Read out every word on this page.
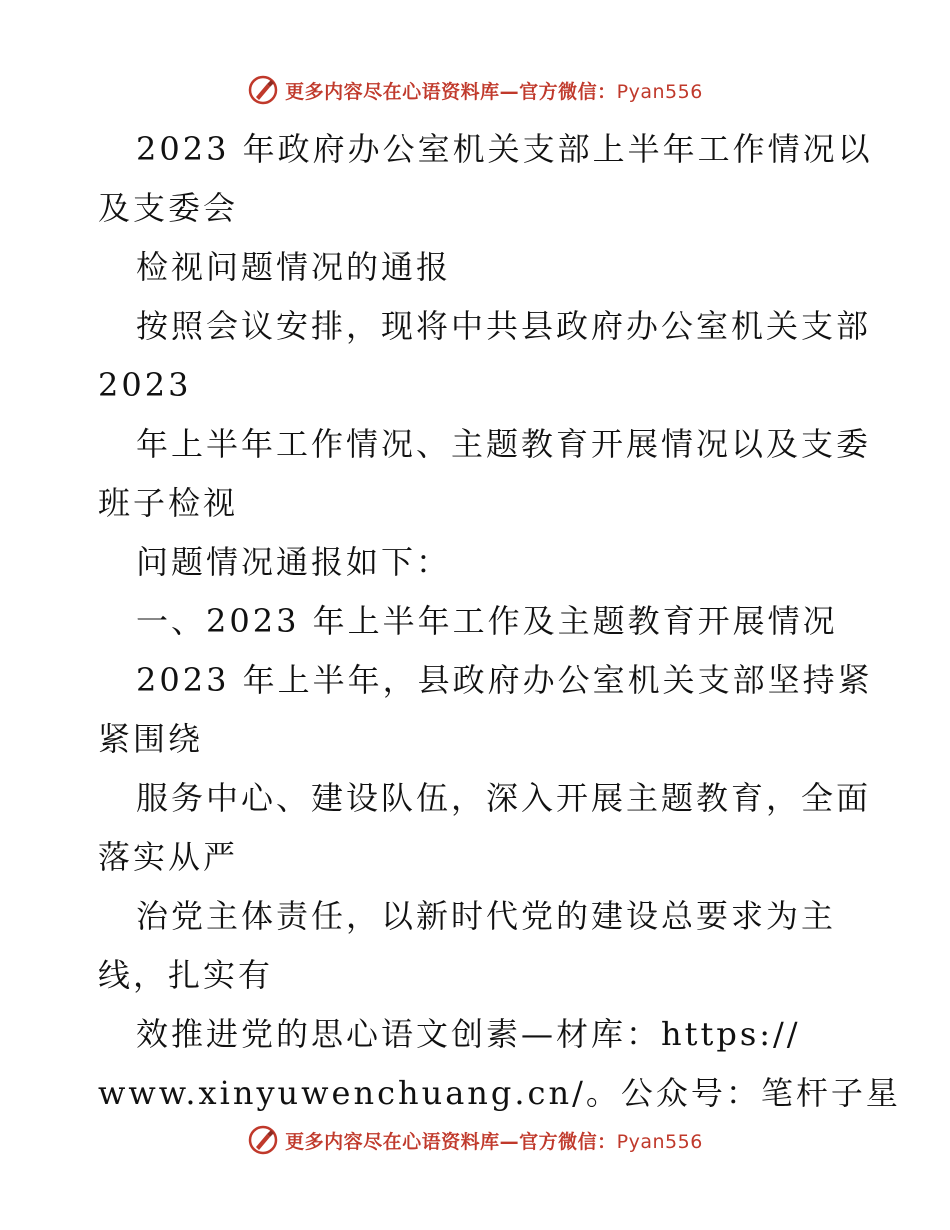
更多内容尽在心语资料库—官方微信：Pyan556
2023 年政府办公室机关支部上半年工作情况以
及支委会
检视问题情况的通报
按照会议安排，现将中共县政府办公室机关支部
2023
年上半年工作情况、主题教育开展情况以及支委
班子检视
问题情况通报如下：
一、2023 年上半年工作及主题教育开展情况
2023 年上半年，县政府办公室机关支部坚持紧
紧围绕
服务中心、建设队伍，深入开展主题教育，全面
落实从严
治党主体责任，以新时代党的建设总要求为主
线，扎实有
效推进党的思心语文创素—材库：https://
www.xinyuwenchuang.cn/。公众号：笔杆子星
更多内容尽在心语资料库—官方微信：Pyan556
